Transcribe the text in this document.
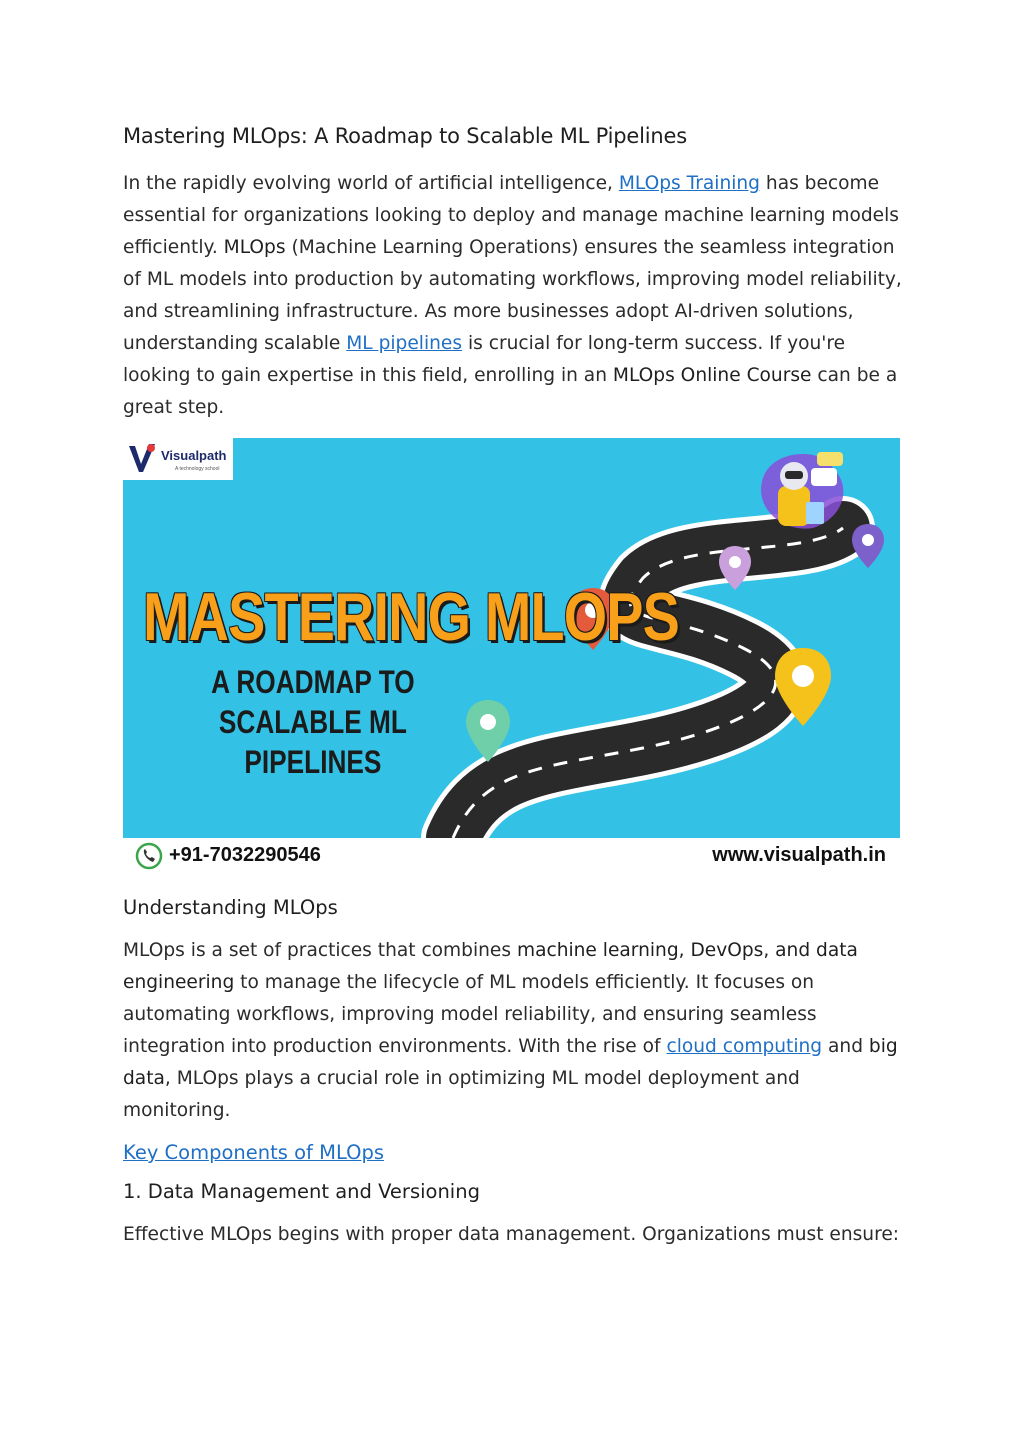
Mastering MLOps: A Roadmap to Scalable ML Pipelines

In the rapidly evolving world of artificial intelligence, MLOps Training has become essential for organizations looking to deploy and manage machine learning models efficiently. MLOps (Machine Learning Operations) ensures the seamless integration of ML models into production by automating workflows, improving model reliability, and streamlining infrastructure. As more businesses adopt AI-driven solutions, understanding scalable ML pipelines is crucial for long-term success. If you're looking to gain expertise in this field, enrolling in an MLOps Online Course can be a great step.

Visualpath
A technology school
MASTERING MLOPS
A ROADMAP TO SCALABLE ML
PIPELINES
+91-7032290546	www.visualpath.in
Understanding MLOps

MLOps is a set of practices that combines machine learning, DevOps, and data engineering to manage the lifecycle of ML models efficiently. It focuses on automating workflows, improving model reliability, and ensuring seamless integration into production environments. With the rise of cloud computing and big data, MLOps plays a crucial role in optimizing ML model deployment and monitoring.

Key Components of MLOps
1. Data Management and Versioning

Effective MLOps begins with proper data management. Organizations must ensure:
